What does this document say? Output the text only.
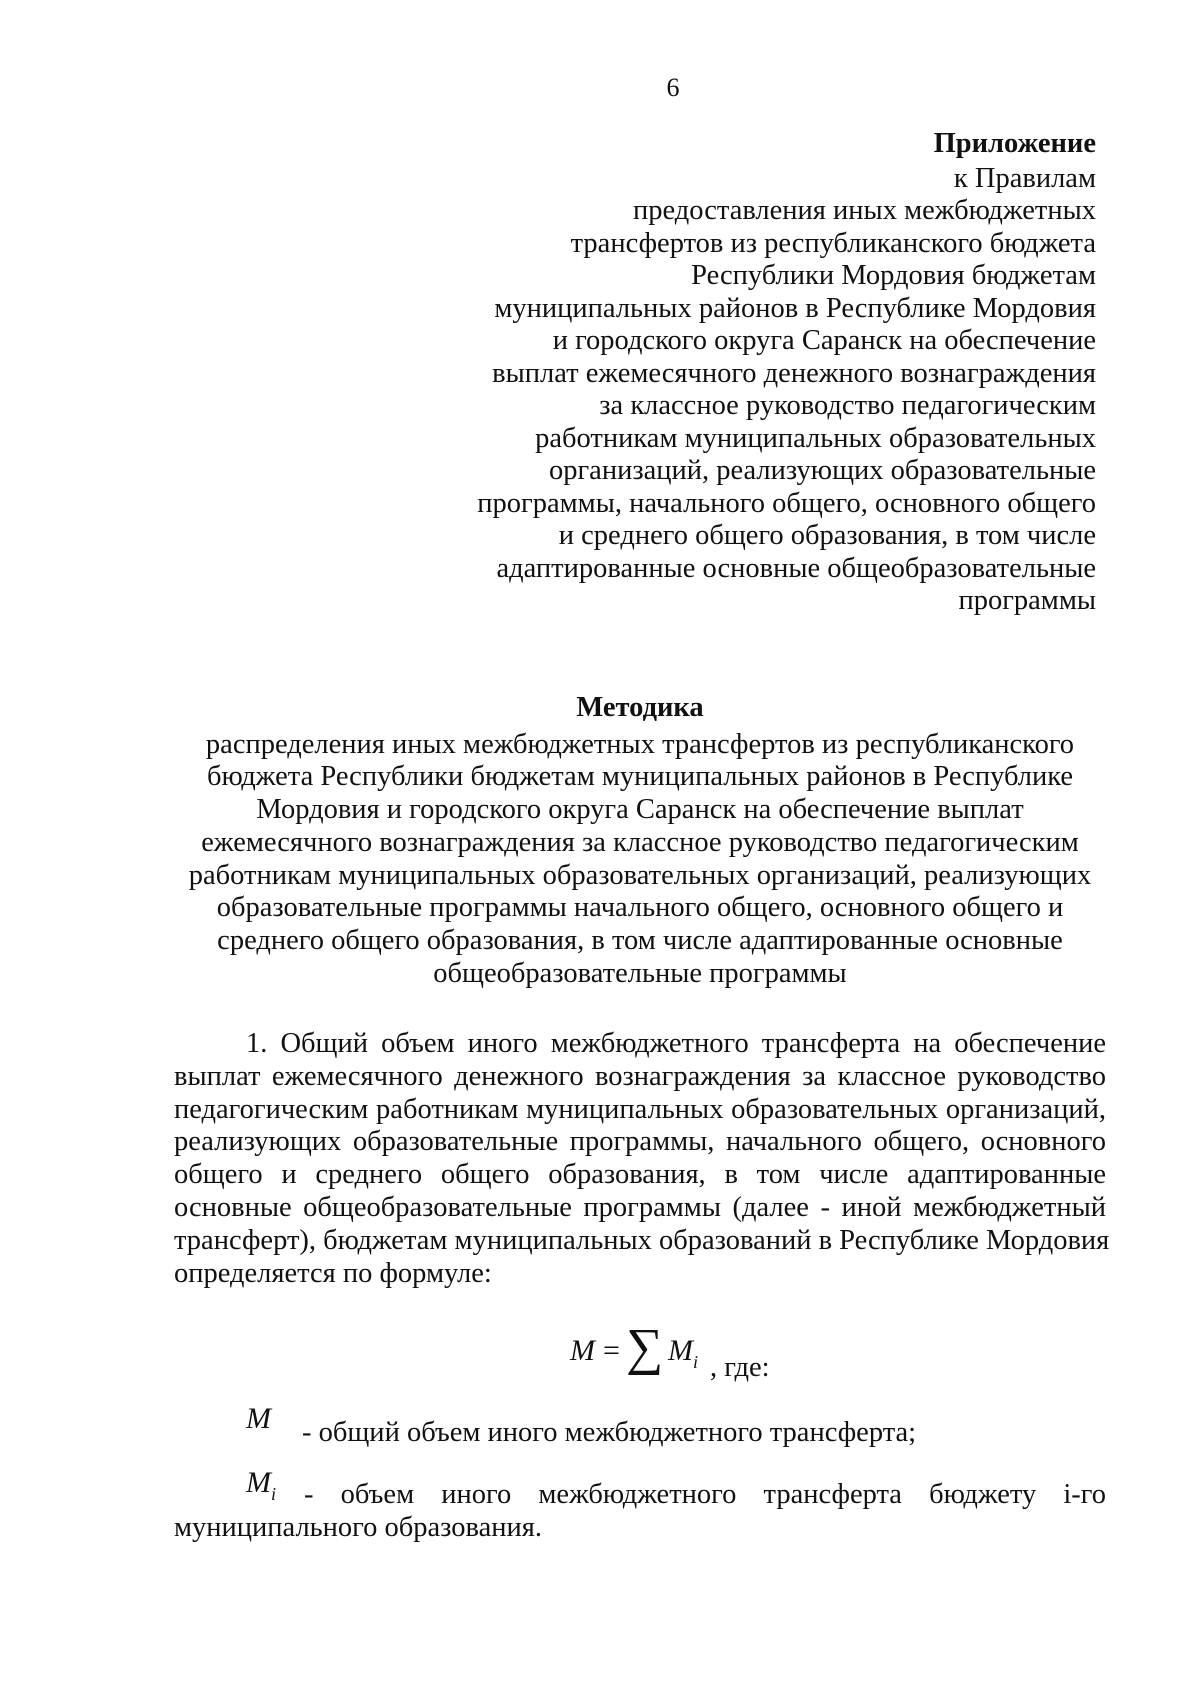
6
Приложение
к Правилам
предоставления иных межбюджетных
трансфертов из республиканского бюджета
Республики Мордовия бюджетам
муниципальных районов в Республике Мордовия
и городского округа Саранск на обеспечение
выплат ежемесячного денежного вознаграждения
за классное руководство педагогическим
работникам муниципальных образовательных
организаций, реализующих образовательные
программы, начального общего, основного общего
и среднего общего образования, в том числе
адаптированные основные общеобразовательные
программы
Методика
распределения иных межбюджетных трансфертов из республиканского
бюджета Республики бюджетам муниципальных районов в Республике
Мордовия и городского округа Саранск на обеспечение выплат
ежемесячного вознаграждения за классное руководство педагогическим
работникам муниципальных образовательных организаций, реализующих
образовательные программы начального общего, основного общего и
среднего общего образования, в том числе адаптированные основные
общеобразовательные программы
1. Общий объем иного межбюджетного трансферта на обеспечение
выплат ежемесячного денежного вознаграждения за классное руководство
педагогическим работникам муниципальных образовательных организаций,
реализующих образовательные программы, начального общего, основного
общего и среднего общего образования, в том числе адаптированные
основные общеобразовательные программы (далее - иной межбюджетный
трансферт), бюджетам муниципальных образований в Республике Мордовия
определяется по формуле:
M = ∑ $M_i$ , где:
M - общий объем иного межбюджетного трансферта;
$M_i$ - объем иного межбюджетного трансферта бюджету i-го
муниципального образования.
